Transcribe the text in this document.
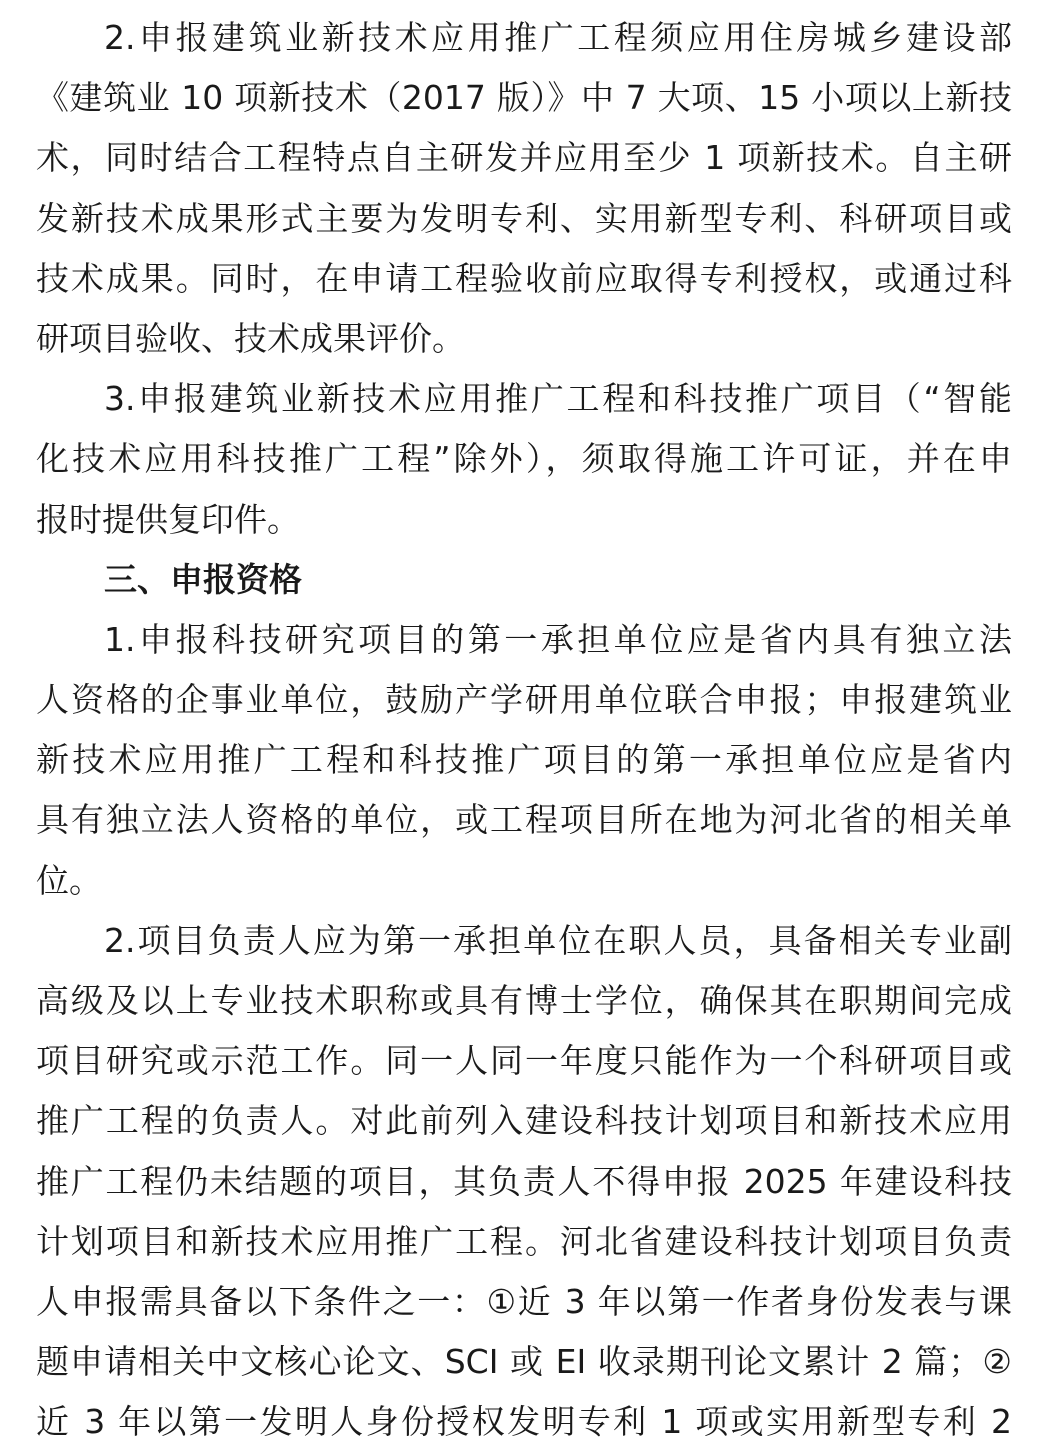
2.申报建筑业新技术应用推广工程须应用住房城乡建设部
《建筑业 10 项新技术（2017 版）》中 7 大项、15 小项以上新技
术，同时结合工程特点自主研发并应用至少 1 项新技术。自主研
发新技术成果形式主要为发明专利、实用新型专利、科研项目或
技术成果。同时，在申请工程验收前应取得专利授权，或通过科
研项目验收、技术成果评价。
3.申报建筑业新技术应用推广工程和科技推广项目（“智能
化技术应用科技推广工程”除外），须取得施工许可证，并在申
报时提供复印件。
三、申报资格
1.申报科技研究项目的第一承担单位应是省内具有独立法
人资格的企事业单位，鼓励产学研用单位联合申报；申报建筑业
新技术应用推广工程和科技推广项目的第一承担单位应是省内
具有独立法人资格的单位，或工程项目所在地为河北省的相关单
位。
2.项目负责人应为第一承担单位在职人员，具备相关专业副
高级及以上专业技术职称或具有博士学位，确保其在职期间完成
项目研究或示范工作。同一人同一年度只能作为一个科研项目或
推广工程的负责人。对此前列入建设科技计划项目和新技术应用
推广工程仍未结题的项目，其负责人不得申报 2025 年建设科技
计划项目和新技术应用推广工程。河北省建设科技计划项目负责
人申报需具备以下条件之一：①近 3 年以第一作者身份发表与课
题申请相关中文核心论文、SCI 或 EI 收录期刊论文累计 2 篇；②
近 3 年以第一发明人身份授权发明专利 1 项或实用新型专利 2
